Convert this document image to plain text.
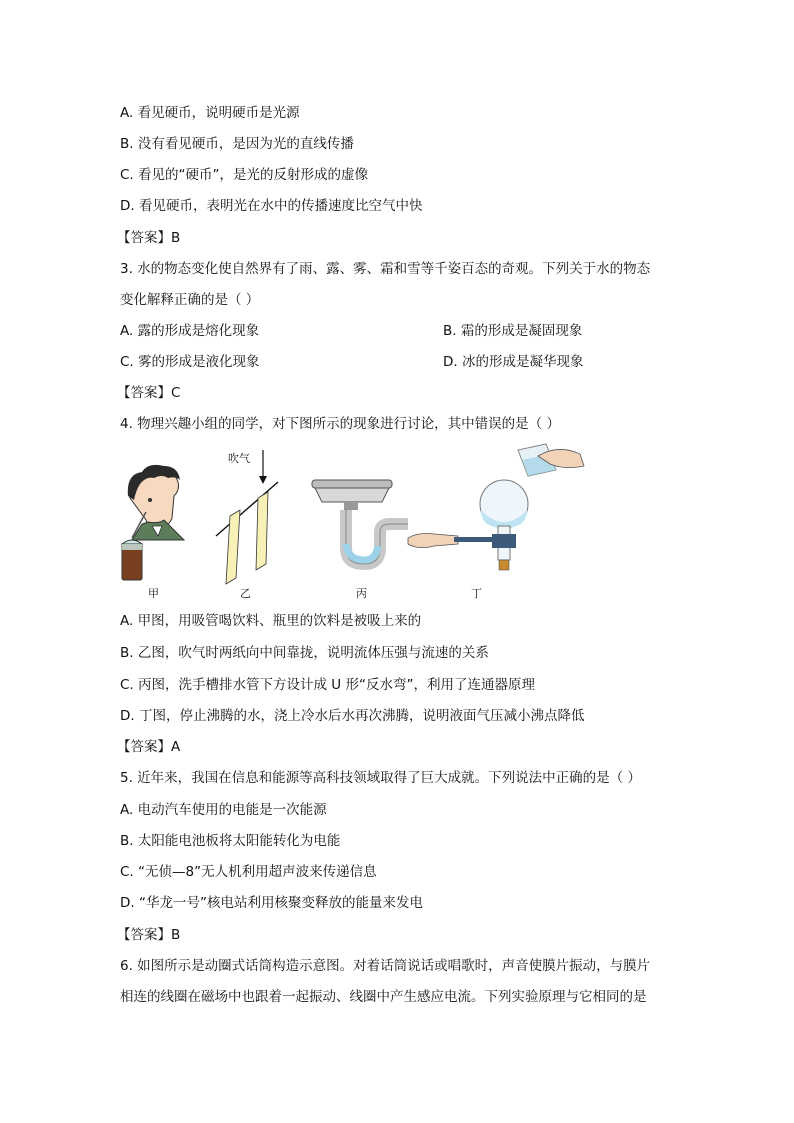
A. 看见硬币，说明硬币是光源
B. 没有看见硬币，是因为光的直线传播
C. 看见的“硬币”，是光的反射形成的虚像
D. 看见硬币，表明光在水中的传播速度比空气中快
【答案】B
3. 水的物态变化使自然界有了雨、露、雾、霜和雪等千姿百态的奇观。下列关于水的物态
变化解释正确的是（ ）
A. 露的形成是熔化现象	B. 霜的形成是凝固现象
C. 雾的形成是液化现象	D. 冰的形成是凝华现象
【答案】C
4. 物理兴趣小组的同学，对下图所示的现象进行讨论，其中错误的是（ ）
吹气
甲	乙	丙	丁
A. 甲图，用吸管喝饮料、瓶里的饮料是被吸上来的
B. 乙图，吹气时两纸向中间靠拢，说明流体压强与流速的关系
C. 丙图，洗手槽排水管下方设计成 U 形“反水弯”，利用了连通器原理
D. 丁图，停止沸腾的水，浇上冷水后水再次沸腾，说明液面气压减小沸点降低
【答案】A
5. 近年来，我国在信息和能源等高科技领域取得了巨大成就。下列说法中正确的是（ ）
A. 电动汽车使用的电能是一次能源
B. 太阳能电池板将太阳能转化为电能
C. “无侦—8”无人机利用超声波来传递信息
D. “华龙一号”核电站利用核聚变释放的能量来发电
【答案】B
6. 如图所示是动圈式话筒构造示意图。对着话筒说话或唱歌时，声音使膜片振动，与膜片
相连的线圈在磁场中也跟着一起振动、线圈中产生感应电流。下列实验原理与它相同的是
